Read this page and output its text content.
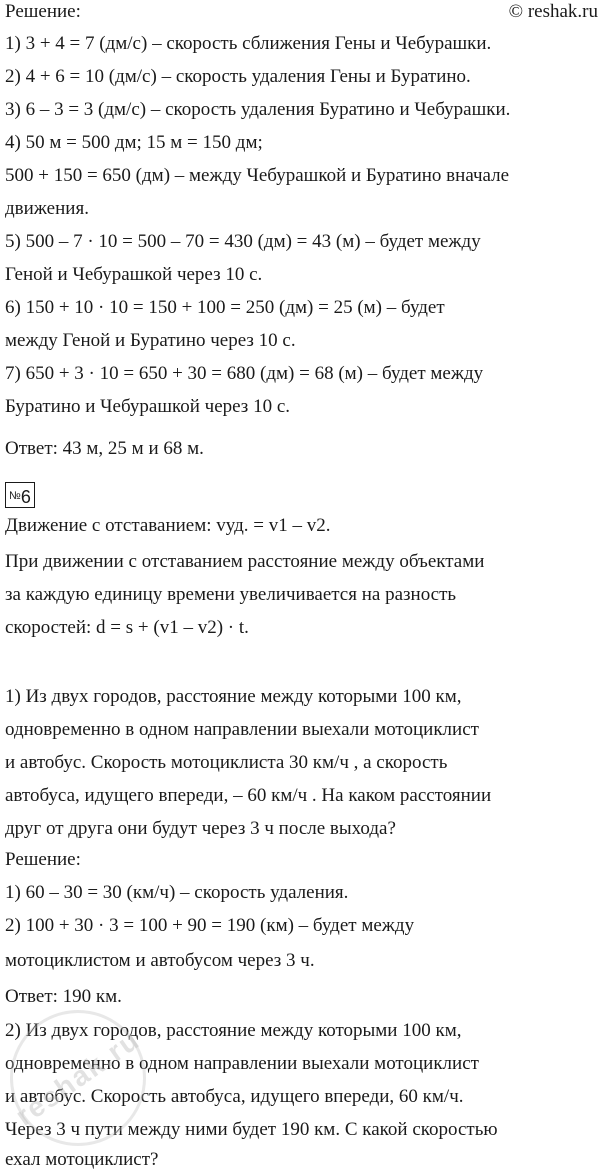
Решение:	© reshak.ru
1) 3 + 4 = 7 (дм/с) – скорость сближения Гены и Чебурашки.
2) 4 + 6 = 10 (дм/с) – скорость удаления Гены и Буратино.
3) 6 – 3 = 3 (дм/с) – скорость удаления Буратино и Чебурашки.
4) 50 м = 500 дм; 15 м = 150 дм;
500 + 150 = 650 (дм) – между Чебурашкой и Буратино вначале
движения.
5) 500 – 7 · 10 = 500 – 70 = 430 (дм) = 43 (м) – будет между
Геной и Чебурашкой через 10 с.
6) 150 + 10 · 10 = 150 + 100 = 250 (дм) = 25 (м) – будет
между Геной и Буратино через 10 с.
7) 650 + 3 · 10 = 650 + 30 = 680 (дм) = 68 (м) – будет между
Буратино и Чебурашкой через 10 с.
Ответ: 43 м, 25 м и 68 м.
№6
Движение с отставанием: vуд. = v1 – v2.
При движении с отставанием расстояние между объектами
за каждую единицу времени увеличивается на разность
скоростей: d = s + (v1 – v2) · t.
1) Из двух городов, расстояние между которыми 100 км,
одновременно в одном направлении выехали мотоциклист
и автобус. Скорость мотоциклиста 30 км/ч , а скорость
автобуса, идущего впереди, – 60 км/ч . На каком расстоянии
друг от друга они будут через 3 ч после выхода?
Решение:
1) 60 – 30 = 30 (км/ч) – скорость удаления.
2) 100 + 30 · 3 = 100 + 90 = 190 (км) – будет между
мотоциклистом и автобусом через 3 ч.
Ответ: 190 км.
2) Из двух городов, расстояние между которыми 100 км,
одновременно в одном направлении выехали мотоциклист
и автобус. Скорость автобуса, идущего впереди, 60 км/ч.
Через 3 ч пути между ними будет 190 км. С какой скоростью
ехал мотоциклист?
reshak.ru
